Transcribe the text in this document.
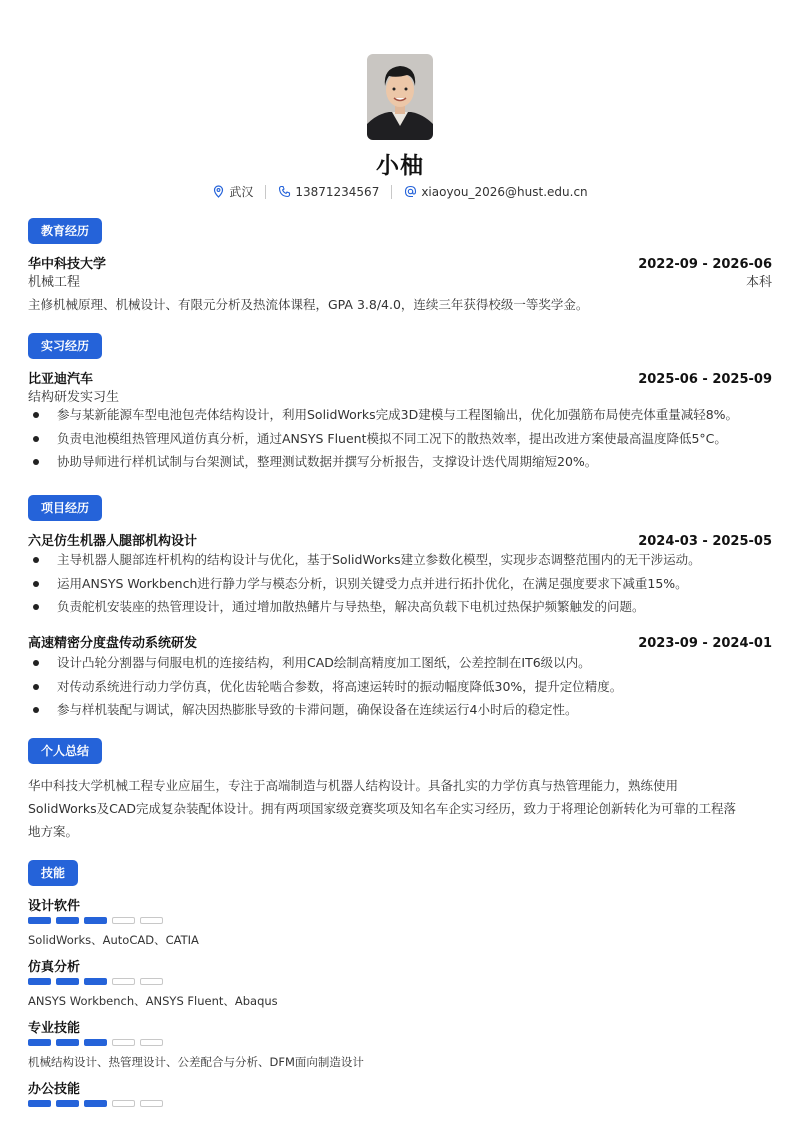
小柚
武汉	13871234567	xiaoyou_2026@hust.edu.cn
教育经历
华中科技大学	2022-09 - 2026-06
机械工程	本科
主修机械原理、机械设计、有限元分析及热流体课程，GPA 3.8/4.0，连续三年获得校级一等奖学金。
实习经历
比亚迪汽车	2025-06 - 2025-09
结构研发实习生
参与某新能源车型电池包壳体结构设计，利用SolidWorks完成3D建模与工程图输出，优化加强筋布局使壳体重量减轻8%。
负责电池模组热管理风道仿真分析，通过ANSYS Fluent模拟不同工况下的散热效率，提出改进方案使最高温度降低5°C。
协助导师进行样机试制与台架测试，整理测试数据并撰写分析报告，支撑设计迭代周期缩短20%。
项目经历
六足仿生机器人腿部机构设计	2024-03 - 2025-05
主导机器人腿部连杆机构的结构设计与优化，基于SolidWorks建立参数化模型，实现步态调整范围内的无干涉运动。
运用ANSYS Workbench进行静力学与模态分析，识别关键受力点并进行拓扑优化，在满足强度要求下减重15%。
负责舵机安装座的热管理设计，通过增加散热鳍片与导热垫，解决高负载下电机过热保护频繁触发的问题。
高速精密分度盘传动系统研发	2023-09 - 2024-01
设计凸轮分割器与伺服电机的连接结构，利用CAD绘制高精度加工图纸，公差控制在IT6级以内。
对传动系统进行动力学仿真，优化齿轮啮合参数，将高速运转时的振动幅度降低30%，提升定位精度。
参与样机装配与调试，解决因热膨胀导致的卡滞问题，确保设备在连续运行4小时后的稳定性。
个人总结
华中科技大学机械工程专业应届生，专注于高端制造与机器人结构设计。具备扎实的力学仿真与热管理能力，熟练使用
SolidWorks及CAD完成复杂装配体设计。拥有两项国家级竞赛奖项及知名车企实习经历，致力于将理论创新转化为可靠的工程落
地方案。
技能
设计软件
SolidWorks、AutoCAD、CATIA
仿真分析
ANSYS Workbench、ANSYS Fluent、Abaqus
专业技能
机械结构设计、热管理设计、公差配合与分析、DFM面向制造设计
办公技能
